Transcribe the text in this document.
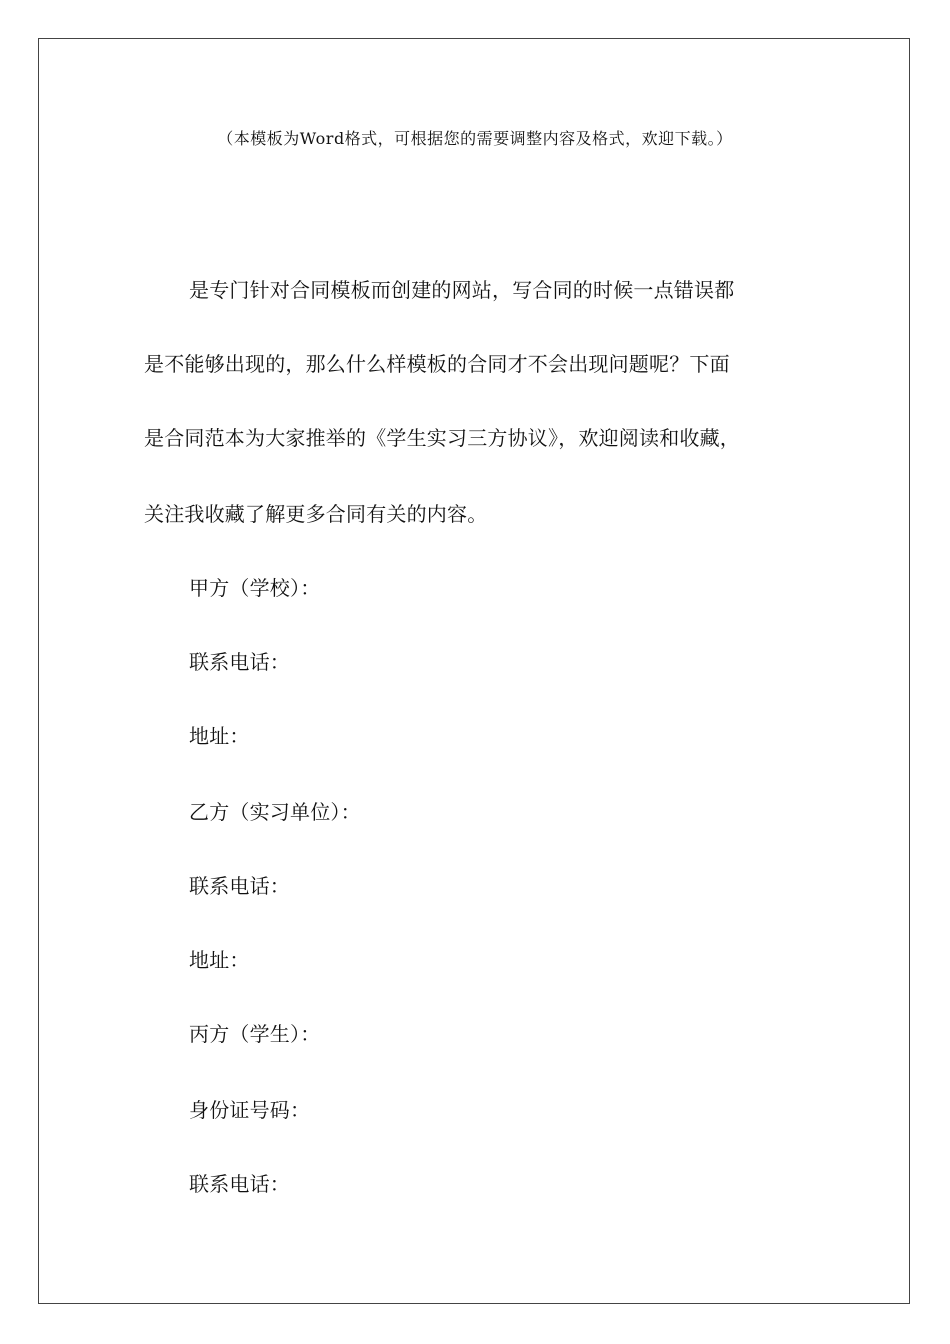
（本模板为Word格式，可根据您的需要调整内容及格式，欢迎下载。）
是专门针对合同模板而创建的网站，写合同的时候一点错误都
是不能够出现的，那么什么样模板的合同才不会出现问题呢？下面
是合同范本为大家推举的《学生实习三方协议》，欢迎阅读和收藏，
关注我收藏了解更多合同有关的内容。
甲方（学校）：
联系电话：
地址：
乙方（实习单位）：
联系电话：
地址：
丙方（学生）：
身份证号码：
联系电话：
